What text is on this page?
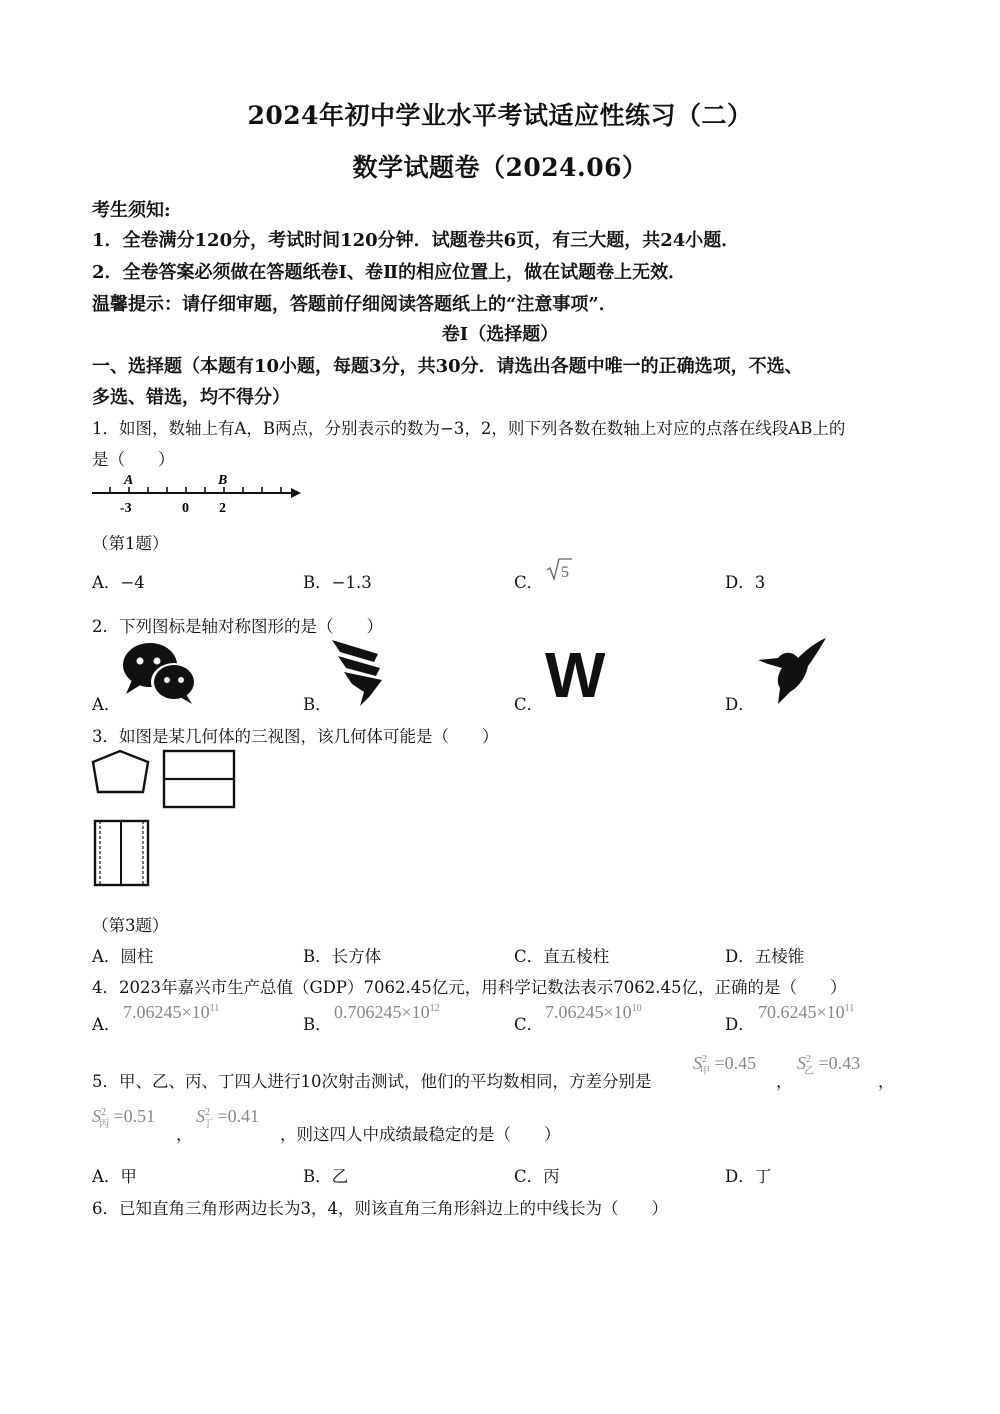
2024年初中学业水平考试适应性练习（二）
数学试题卷（2024.06）
考生须知:
1．全卷满分120分，考试时间120分钟．试题卷共6页，有三大题，共24小题．
2．全卷答案必须做在答题纸卷Ⅰ、卷Ⅱ的相应位置上，做在试题卷上无效．
温馨提示：请仔细审题，答题前仔细阅读答题纸上的“注意事项”．
卷Ⅰ（选择题）
一、选择题（本题有10小题，每题3分，共30分．请选出各题中唯一的正确选项，不选、
多选、错选，均不得分）
1．如图，数轴上有A，B两点，分别表示的数为−3，2，则下列各数在数轴上对应的点落在线段AB上的
是（　　）
A	B
-3	0 2
（第1题）
A．−4	B．−1.3	C．
5
D．3
2．下列图标是轴对称图形的是（　　）
A．	B．	C． W	D．
3．如图是某几何体的三视图，该几何体可能是（　　）
（第3题）
A．圆柱	B．长方体	C．直五棱柱	D．五棱锥
4．2023年嘉兴市生产总值（GDP）7062.45亿元，用科学记数法表示7062.45亿，正确的是（　　）
A．
$7.06245\times 10^{11}$
B．
$0.706245\times 10^{12}$
C．
$7.06245\times 10^{10}$
D．
$70.6245\times 10^{11}$
5．甲、乙、丙、丁四人进行10次射击测试，他们的平均数相同，方差分别是
$S^2_甲 =0.45$
，
$S^2_乙 =0.43$
，
$S^2_丙 =0.51$
，
$S^2_丁 =0.41$
，则这四人中成绩最稳定的是（　　）
A．甲	B．乙	C．丙	D．丁
6．已知直角三角形两边长为3，4，则该直角三角形斜边上的中线长为（　　）
